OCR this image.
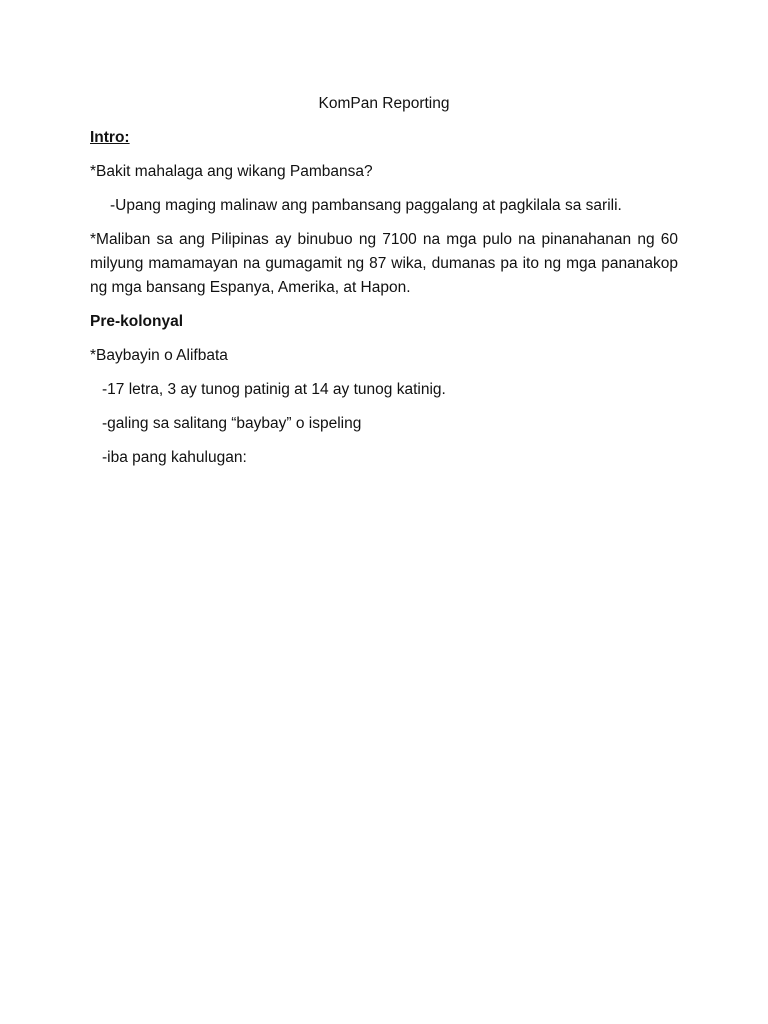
KomPan Reporting
Intro:
*Bakit mahalaga ang wikang Pambansa?
-Upang maging malinaw ang pambansang paggalang at pagkilala sa sarili.
*Maliban sa ang Pilipinas ay binubuo ng 7100 na mga pulo na pinanahanan ng 60 milyung mamamayan na gumagamit ng 87 wika, dumanas pa ito ng mga pananakop ng mga bansang Espanya, Amerika, at Hapon.
Pre-kolonyal
*Baybayin o Alifbata
-17 letra, 3 ay tunog patinig at 14 ay tunog katinig.
-galing sa salitang “baybay” o ispeling
-iba pang kahulugan:
